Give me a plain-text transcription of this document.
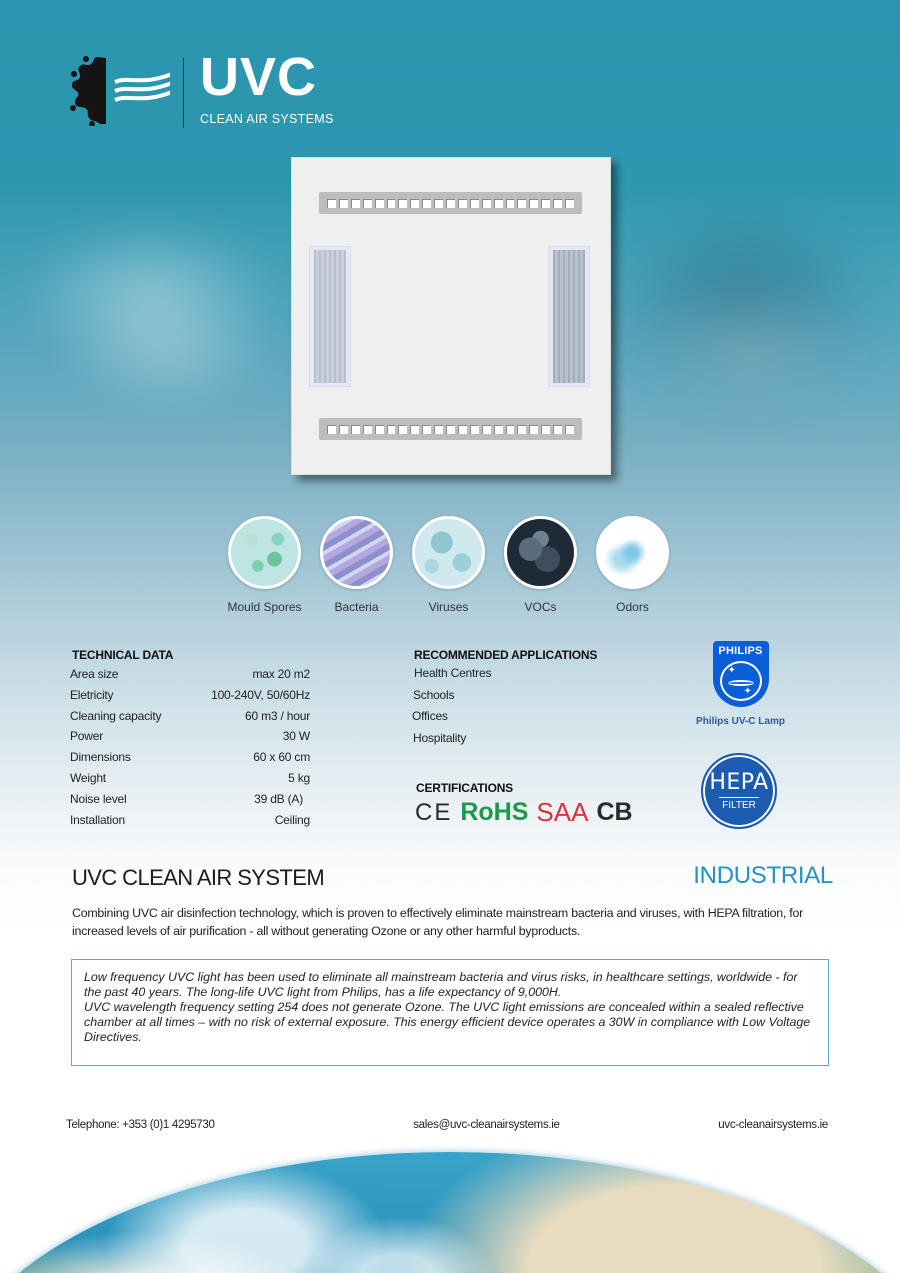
UVC
CLEAN AIR SYSTEMS
Mould Spores	Bacteria	Viruses	VOCs	Odors
TECHNICAL DATA
Area size	max 20 m2
Eletricity	100-240V, 50/60Hz
Cleaning capacity	60 m3 / hour
Power	30 W
Dimensions	60 x 60 cm
Weight	5 kg
Noise level	39 dB (A)
Installation	Ceiling
RECOMMENDED APPLICATIONS
Health Centres
Schools
Offices
Hospitality
CERTIFICATIONS
CE RoHS SAA CB
PHILIPS
✦
✦
Philips UV-C Lamp
HEPA
FILTER
UVC CLEAN AIR SYSTEM	INDUSTRIAL
Combining UVC air disinfection technology, which is proven to effectively eliminate mainstream bacteria and viruses, with HEPA filtration, for increased levels of air purification - all without generating Ozone or any other harmful byproducts.

Low frequency UVC light has been used to eliminate all mainstream bacteria and virus risks, in healthcare settings, worldwide - for the past 40 years. The long-life UVC light from Philips, has a life expectancy of 9,000H.

UVC wavelength frequency setting 254 does not generate Ozone. The UVC light emissions are concealed within a sealed reflective chamber at all times – with no risk of external exposure. This energy efficient device operates a 30W in compliance with Low Voltage Directives.

Telephone: +353 (0)1 4295730	sales@uvc-cleanairsystems.ie	uvc-cleanairsystems.ie
